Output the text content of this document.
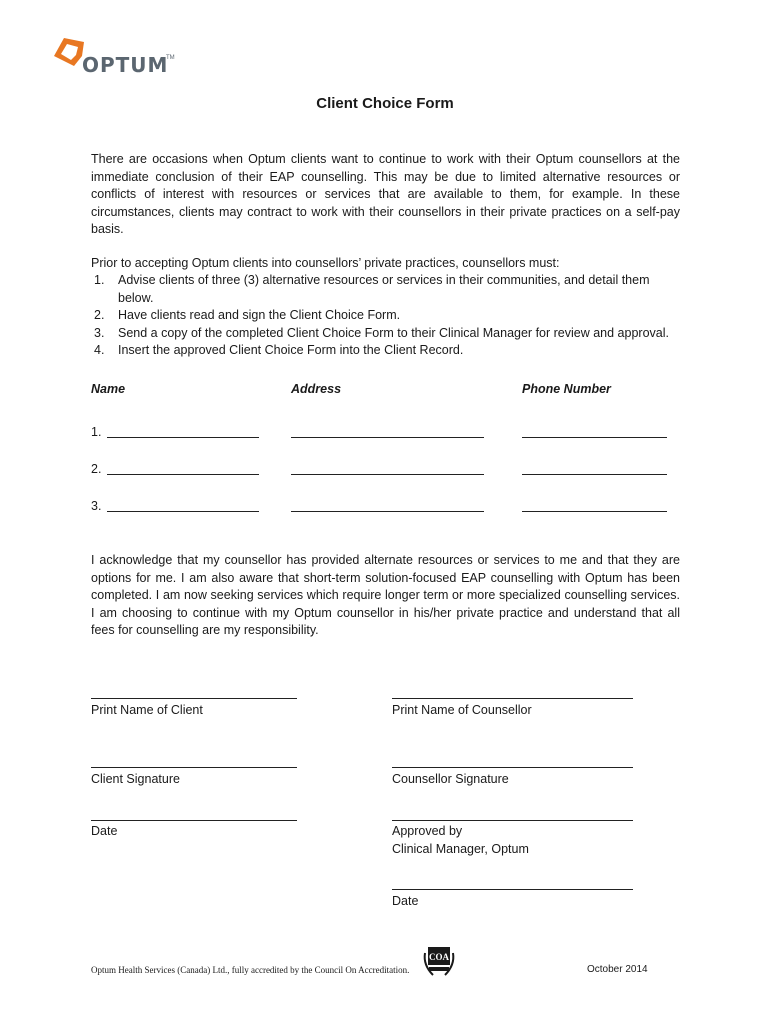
OPTUM
TM
Client Choice Form
There are occasions when Optum clients want to continue to work with their Optum counsellors at the immediate conclusion of their EAP counselling. This may be due to limited alternative resources or conflicts of interest with resources or services that are available to them, for example. In these circumstances, clients may contract to work with their counsellors in their private practices on a self-pay basis.
Prior to accepting Optum clients into counsellors’ private practices, counsellors must:
1. Advise clients of three (3) alternative resources or services in their communities, and detail them below.
2. Have clients read and sign the Client Choice Form.
3. Send a copy of the completed Client Choice Form to their Clinical Manager for review and approval.
4. Insert the approved Client Choice Form into the Client Record.
Name	Address	Phone Number
1.
2.
3.
I acknowledge that my counsellor has provided alternate resources or services to me and that they are options for me. I am also aware that short-term solution-focused EAP counselling with Optum has been completed. I am now seeking services which require longer term or more specialized counselling services. I am choosing to continue with my Optum counsellor in his/her private practice and understand that all fees for counselling are my responsibility.
Print Name of Client	Print Name of Counsellor
Client Signature	Counsellor Signature
Date	Approved by
Clinical Manager, Optum
Date
Optum Health Services (Canada) Ltd., fully accredited by the Council On Accreditation.
COA
October 2014
